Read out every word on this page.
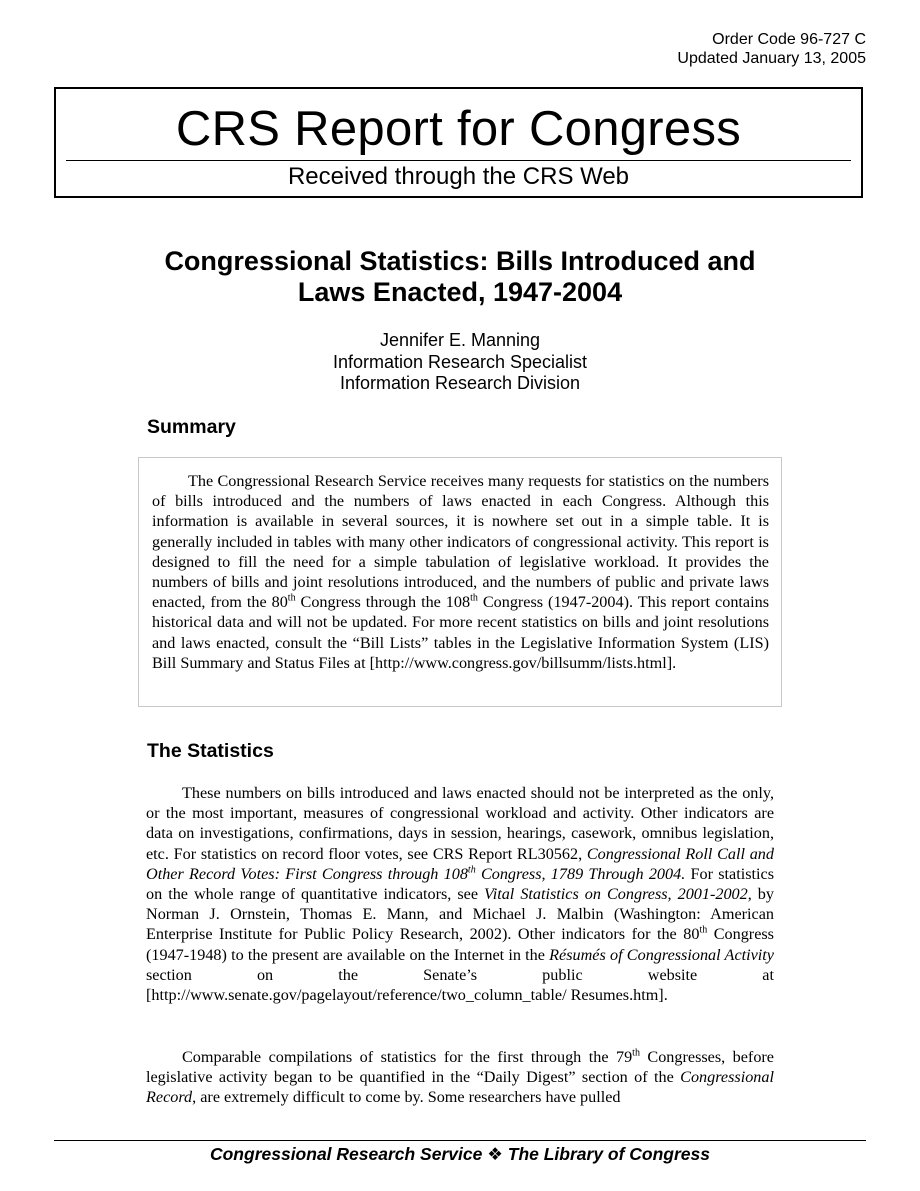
Order Code 96-727 C
Updated January 13, 2005
CRS Report for Congress
Received through the CRS Web
Congressional Statistics: Bills Introduced and
Laws Enacted, 1947-2004
Jennifer E. Manning
Information Research Specialist
Information Research Division
Summary

The Congressional Research Service receives many requests for statistics on the numbers of bills introduced and the numbers of laws enacted in each Congress. Although this information is available in several sources, it is nowhere set out in a simple table. It is generally included in tables with many other indicators of congressional activity. This report is designed to fill the need for a simple tabulation of legislative workload. It provides the numbers of bills and joint resolutions introduced, and the numbers of public and private laws enacted, from the 80th Congress through the 108th Congress (1947-2004). This report contains historical data and will not be updated. For more recent statistics on bills and joint resolutions and laws enacted, consult the “Bill Lists” tables in the Legislative Information System (LIS) Bill Summary and Status Files at [http://www.congress.gov/billsumm/lists.html].

The Statistics

These numbers on bills introduced and laws enacted should not be interpreted as the only, or the most important, measures of congressional workload and activity. Other indicators are data on investigations, confirmations, days in session, hearings, casework, omnibus legislation, etc. For statistics on record floor votes, see CRS Report RL30562, Congressional Roll Call and Other Record Votes: First Congress through 108th Congress, 1789 Through 2004. For statistics on the whole range of quantitative indicators, see Vital Statistics on Congress, 2001-2002, by Norman J. Ornstein, Thomas E. Mann, and Michael J. Malbin (Washington: American Enterprise Institute for Public Policy Research, 2002). Other indicators for the 80th Congress (1947-1948) to the present are available on the Internet in the Résumés of Congressional Activity section on the Senate’s public website at [http://www.senate.gov/pagelayout/reference/two_column_table/ Resumes.htm].

Comparable compilations of statistics for the first through the 79th Congresses, before legislative activity began to be quantified in the “Daily Digest” section of the Congressional Record, are extremely difficult to come by. Some researchers have pulled

Congressional Research Service ❖ The Library of Congress
